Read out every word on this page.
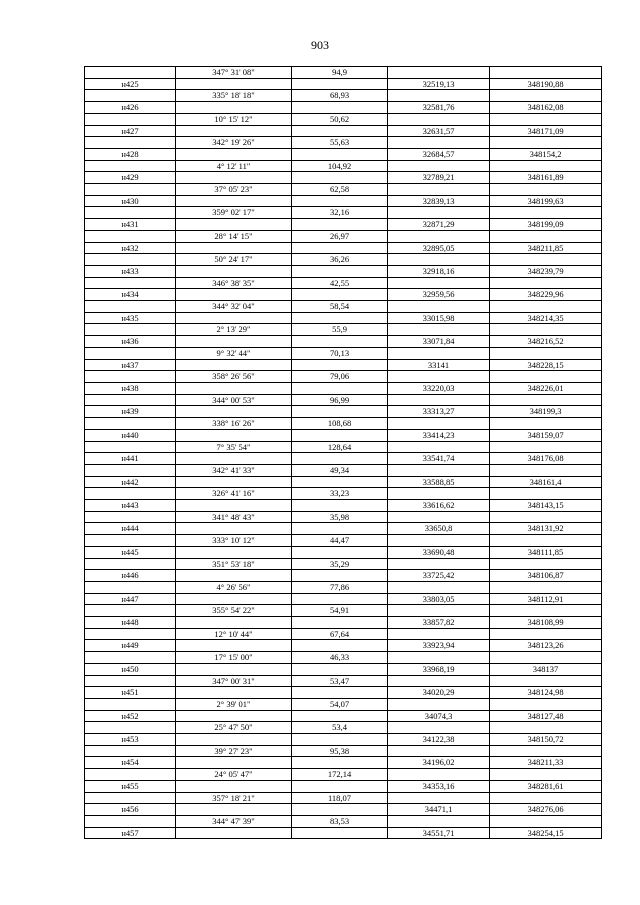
903
	347° 31' 08"	94,9		
н425			32519,13	348190,88
	335° 18' 18"	68,93		
н426			32581,76	348162,08
	10° 15' 12"	50,62		
н427			32631,57	348171,09
	342° 19' 26"	55,63		
н428			32684,57	348154,2
	4° 12' 11"	104,92		
н429			32789,21	348161,89
	37° 05' 23"	62,58		
н430			32839,13	348199,63
	359° 02' 17"	32,16		
н431			32871,29	348199,09
	28° 14' 15"	26,97		
н432			32895,05	348211,85
	50° 24' 17"	36,26		
н433			32918,16	348239,79
	346° 38' 35"	42,55		
н434			32959,56	348229,96
	344° 32' 04"	58,54		
н435			33015,98	348214,35
	2° 13' 29"	55,9		
н436			33071,84	348216,52
	9° 32' 44"	70,13		
н437			33141	348228,15
	358° 26' 56"	79,06		
н438			33220,03	348226,01
	344° 00' 53"	96,99		
н439			33313,27	348199,3
	338° 16' 26"	108,68		
н440			33414,23	348159,07
	7° 35' 54"	128,64		
н441			33541,74	348176,08
	342° 41' 33"	49,34		
н442			33588,85	348161,4
	326° 41' 16"	33,23		
н443			33616,62	348143,15
	341° 48' 43"	35,98		
н444			33650,8	348131,92
	333° 10' 12"	44,47		
н445			33690,48	348111,85
	351° 53' 18"	35,29		
н446			33725,42	348106,87
	4° 26' 56"	77,86		
н447			33803,05	348112,91
	355° 54' 22"	54,91		
н448			33857,82	348108,99
	12° 10' 44"	67,64		
н449			33923,94	348123,26
	17° 15' 00"	46,33		
н450			33968,19	348137
	347° 00' 31"	53,47		
н451			34020,29	348124,98
	2° 39' 01"	54,07		
н452			34074,3	348127,48
	25° 47' 50"	53,4		
н453			34122,38	348150,72
	39° 27' 23"	95,38		
н454			34196,02	348211,33
	24° 05' 47"	172,14		
н455			34353,16	348281,61
	357° 18' 21"	118,07		
н456			34471,1	348276,06
	344° 47' 39"	83,53		
н457			34551,71	348254,15
